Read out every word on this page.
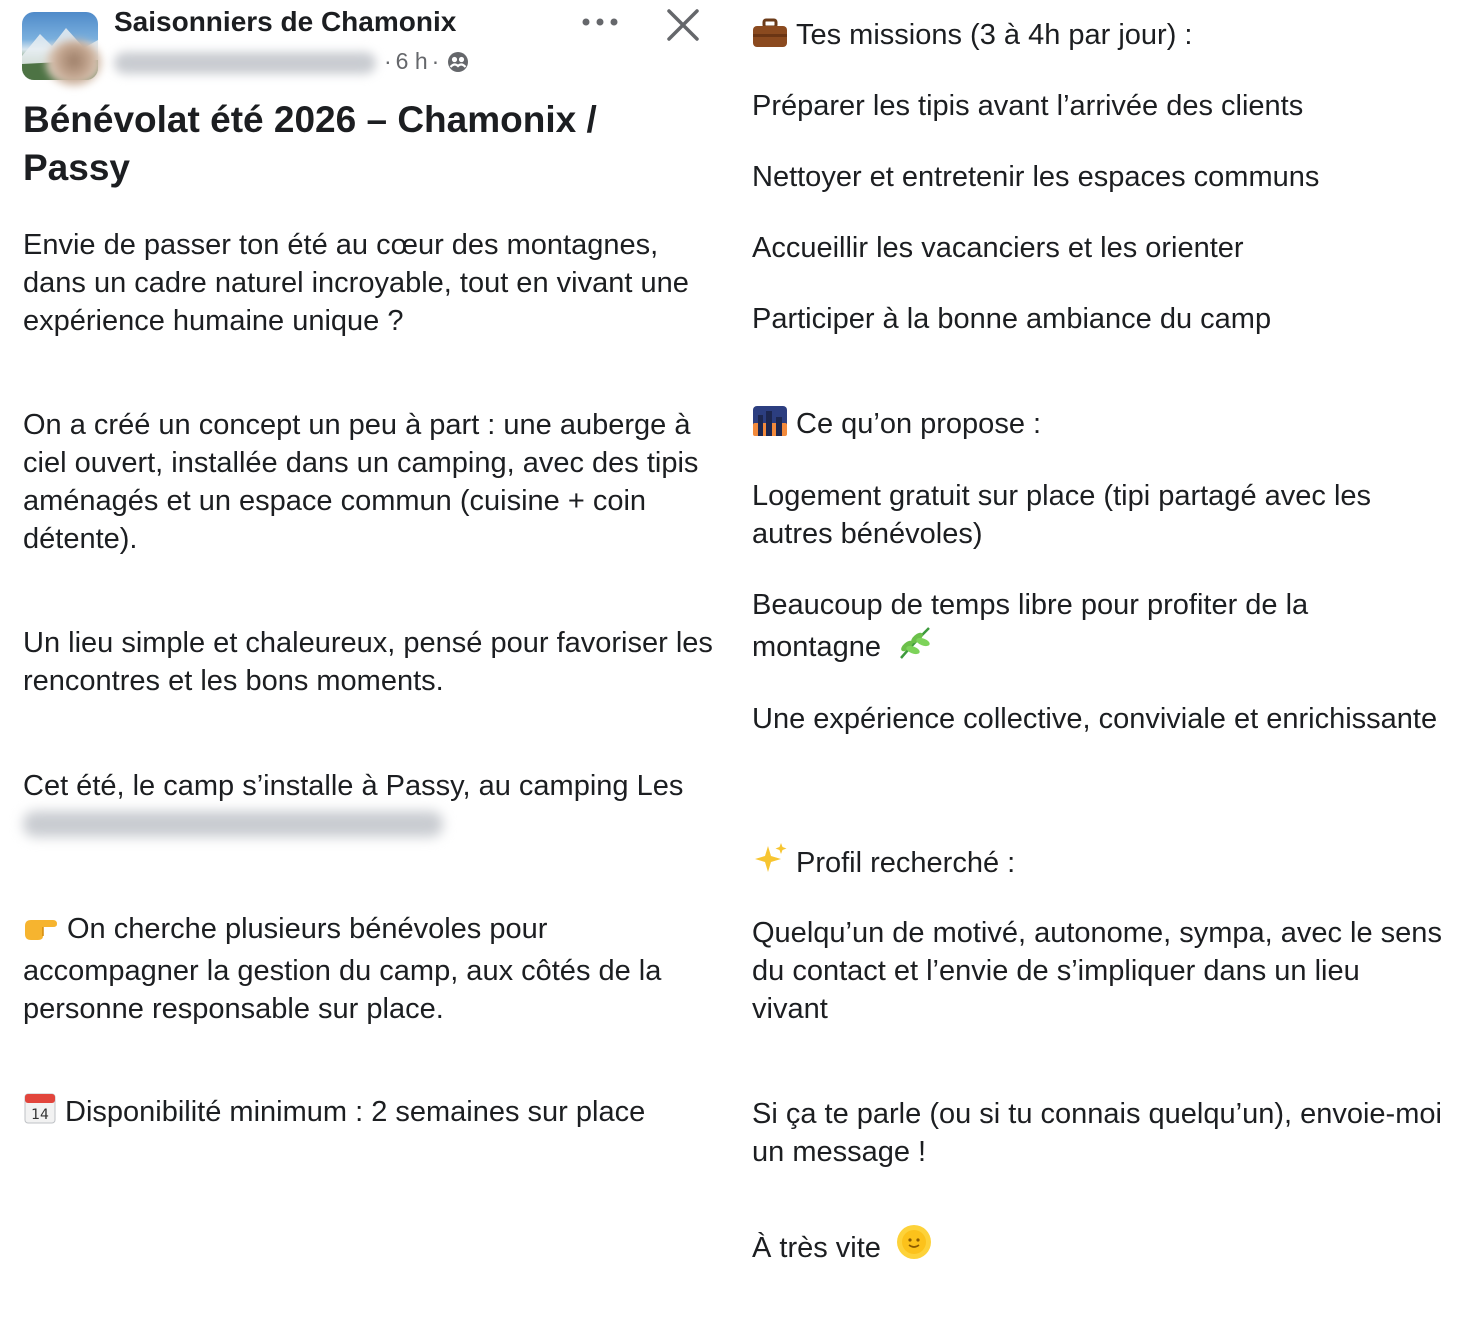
Saisonniers de Chamonix
· 6 h ·
Bénévolat été 2026 – Chamonix / Passy

Envie de passer ton été au cœur des montagnes, dans un cadre naturel incroyable, tout en vivant une expérience humaine unique ?

On a créé un concept un peu à part : une auberge à ciel ouvert, installée dans un camping, avec des tipis aménagés et un espace commun (cuisine + coin détente).

Un lieu simple et chaleureux, pensé pour favoriser les rencontres et les bons moments.

Cet été, le camp s’installe à Passy, au camping Les

On cherche plusieurs bénévoles pour accompagner la gestion du camp, aux côtés de la personne responsable sur place.

14 Disponibilité minimum : 2 semaines sur place

Tes missions (3 à 4h par jour) :

Préparer les tipis avant l’arrivée des clients

Nettoyer et entretenir les espaces communs

Accueillir les vacanciers et les orienter

Participer à la bonne ambiance du camp

Ce qu’on propose :

Logement gratuit sur place (tipi partagé avec les autres bénévoles)

Beaucoup de temps libre pour profiter de la montagne

Une expérience collective, conviviale et enrichissante

Profil recherché :

Quelqu’un de motivé, autonome, sympa, avec le sens du contact et l’envie de s’impliquer dans un lieu vivant

Si ça te parle (ou si tu connais quelqu’un), envoie-moi un message !

À très vite
